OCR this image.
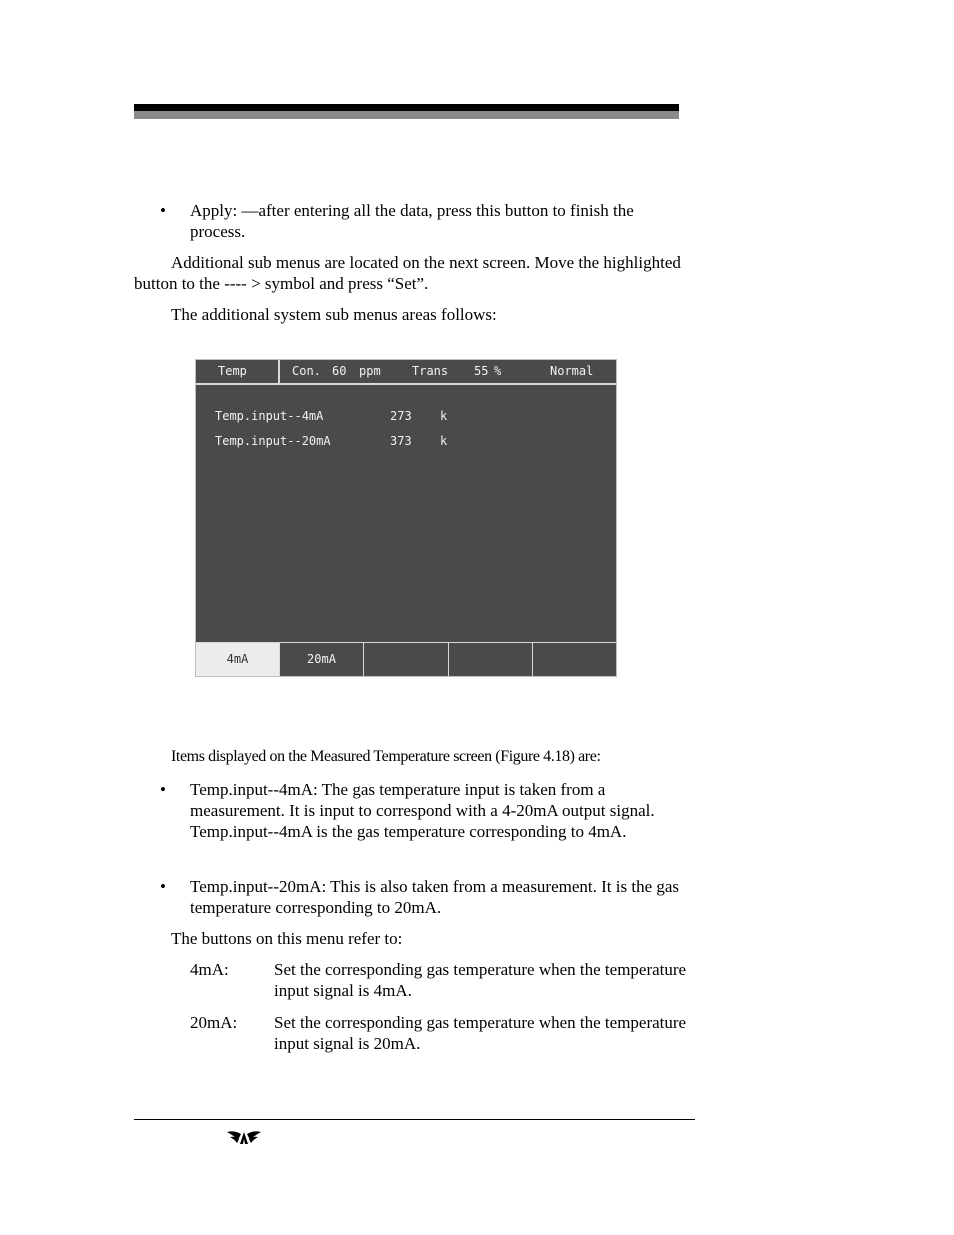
• Apply: —after entering all the data, press this button to finish the process.
Additional sub menus are located on the next screen. Move the highlighted button to the ---- > symbol and press “Set”.
The additional system sub menus areas follows:
Temp	Con. 60 ppm	Trans 55 %	Normal
Temp.input--4mA	273 k
Temp.input--20mA	373 k
4mA	20mA
Items displayed on the Measured Temperature screen (Figure 4.18) are:
• Temp.input--4mA: The gas temperature input is taken from a measurement. It is input to correspond with a 4-20mA output signal. Temp.input--4mA is the gas temperature corresponding to 4mA.
• Temp.input--20mA: This is also taken from a measurement. It is the gas temperature corresponding to 20mA.
The buttons on this menu refer to:
4mA:	Set the corresponding gas temperature when the temperature input signal is 4mA.
20mA: Set the corresponding gas temperature when the temperature input signal is 20mA.
